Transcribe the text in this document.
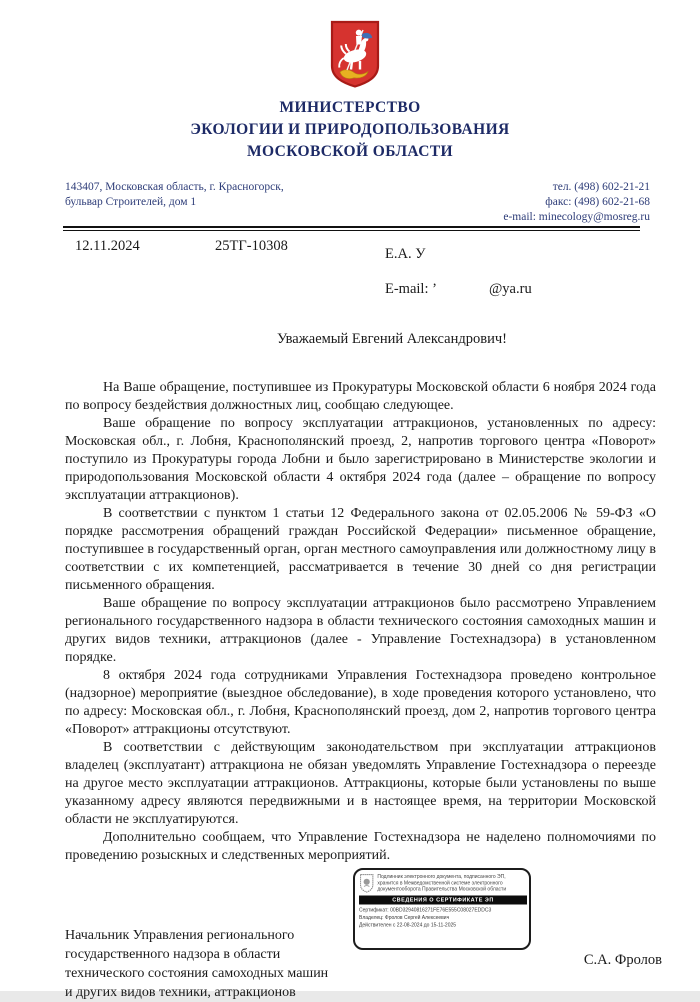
МИНИСТЕРСТВО
ЭКОЛОГИИ И ПРИРОДОПОЛЬЗОВАНИЯ
МОСКОВСКОЙ ОБЛАСТИ
143407, Московская область, г. Красногорск,
бульвар Строителей, дом 1
тел. (498) 602-21-21
факс: (498) 602-21-68
e-mail: minecology@mosreg.ru
12.11.2024	25ТГ-10308	Е.А. У
E-mail: ’	@ya.ru
Уважаемый Евгений Александрович!

На Ваше обращение, поступившее из Прокуратуры Московской области 6 ноября 2024 года по вопросу бездействия должностных лиц, сообщаю следующее.

Ваше обращение по вопросу эксплуатации аттракционов, установленных по адресу: Московская обл., г. Лобня, Краснополянский проезд, 2, напротив торгового центра «Поворот» поступило из Прокуратуры города Лобни и было зарегистрировано в Министерстве экологии и природопользования Московской области 4 октября 2024 года (далее – обращение по вопросу эксплуатации аттракционов).

В соответствии с пунктом 1 статьи 12 Федерального закона от 02.05.2006 № 59-ФЗ «О порядке рассмотрения обращений граждан Российской Федерации» письменное обращение, поступившее в государственный орган, орган местного самоуправления или должностному лицу в соответствии с их компетенцией, рассматривается в течение 30 дней со дня регистрации письменного обращения.

Ваше обращение по вопросу эксплуатации аттракционов было рассмотрено Управлением регионального государственного надзора в области технического состояния самоходных машин и других видов техники, аттракционов (далее - Управление Гостехнадзора) в установленном порядке.

8 октября 2024 года сотрудниками Управления Гостехнадзора проведено контрольное (надзорное) мероприятие (выездное обследование), в ходе проведения которого установлено, что по адресу: Московская обл., г. Лобня, Краснополянский проезд, дом 2, напротив торгового центра «Поворот» аттракционы отсутствуют.

В соответствии с действующим законодательством при эксплуатации аттракционов владелец (эксплуатант) аттракциона не обязан уведомлять Управление Гостехнадзора о переезде на другое место эксплуатации аттракционов. Аттракционы, которые были установлены по выше указанному адресу являются передвижными и в настоящее время, на территории Московской области не эксплуатируются.

Дополнительно сообщаем, что Управление Гостехнадзора не наделено полномочиями по проведению розыскных и следственных мероприятий.

Начальник Управления регионального
государственного надзора в области
технического состояния самоходных машин
и других видов техники, аттракционов
Подлинник электронного документа, подписанного ЭП, хранится в Межведомственной системе электронного документооборота Правительства Московской области
СВЕДЕНИЯ О СЕРТИФИКАТЕ ЭП
Сертификат: 00BD32940816271FE76E555C08027EDDC3
Владелец: Фролов Сергей Алексеевич
Действителен с 22-08-2024 до 15-11-2025
С.А. Фролов
